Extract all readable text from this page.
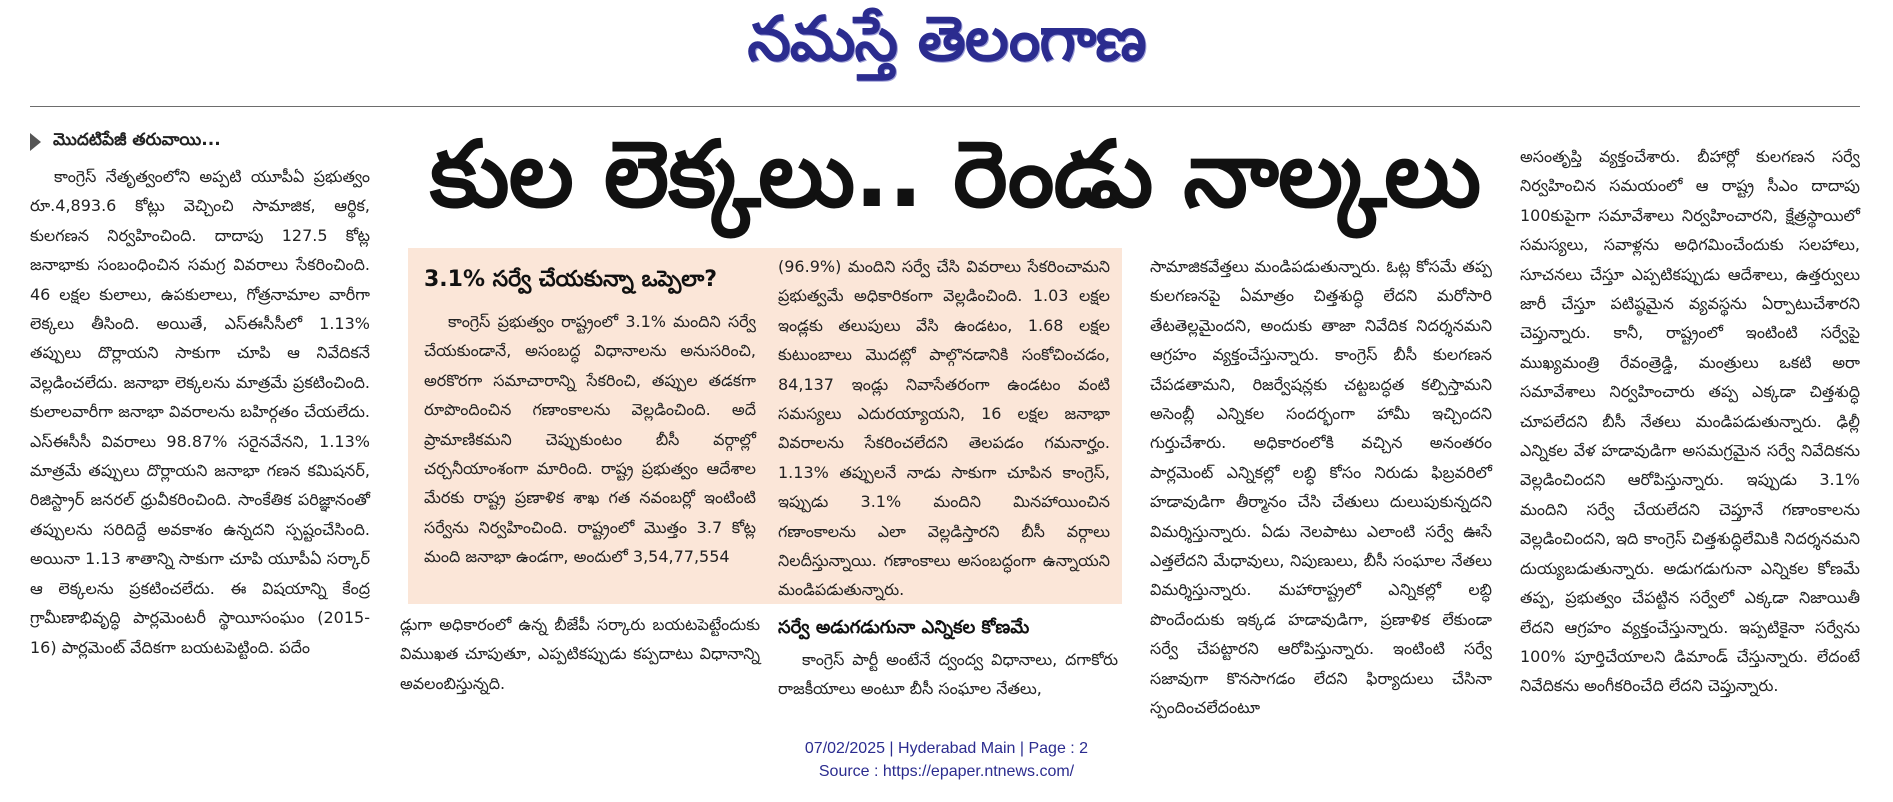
నమస్తే తెలంగాణ
మొదటిపేజీ తరువాయి...	కుల లెక్కలు.. రెండు నాల్కలు
3.1% సర్వే చేయకున్నా ఒప్పెలా?

కాంగ్రెస్ నేతృత్వంలోని అప్పటి యూపీఏ ప్రభుత్వం రూ.4,893.6 కోట్లు వెచ్చించి సామాజిక, ఆర్థిక, కులగణన నిర్వహించింది. దాదాపు 127.5 కోట్ల జనాభాకు సంబంధించిన సమగ్ర వివరాలు సేకరించింది. 46 లక్షల కులాలు, ఉపకులాలు, గోత్రనామాల వారీగా లెక్కలు తీసింది. అయితే, ఎస్ఈసీసీలో 1.13% తప్పులు దొర్లాయని సాకుగా చూపి ఆ నివేదికనే వెల్లడించలేదు. జనాభా లెక్కలను మాత్రమే ప్రకటించింది. కులాలవారీగా జనాభా వివరాలను బహిర్గతం చేయలేదు. ఎస్ఈసీసీ వివరాలు 98.87% సరైనవేనని, 1.13% మాత్రమే తప్పులు దొర్లాయని జనాభా గణన కమిషనర్, రిజిస్ట్రార్ జనరల్ ధ్రువీకరించింది. సాంకేతిక పరిజ్ఞానంతో తప్పులను సరిదిద్దే అవకాశం ఉన్నదని స్పష్టంచేసింది. అయినా 1.13 శాతాన్ని సాకుగా చూపి యూపీఏ సర్కార్ ఆ లెక్కలను ప్రకటించలేదు. ఈ విషయాన్ని కేంద్ర గ్రామీణాభివృద్ధి పార్లమెంటరీ స్థాయీసంఘం (2015-16) పార్లమెంట్ వేదికగా బయటపెట్టింది. పదేం

కాంగ్రెస్ ప్రభుత్వం రాష్ట్రంలో 3.1% మందిని సర్వే చేయకుండానే, అసంబద్ధ విధానాలను అనుసరించి, అరకొరగా సమాచారాన్ని సేకరించి, తప్పుల తడకగా రూపొందించిన గణాంకాలను వెల్లడించింది. అదే ప్రామాణికమని చెప్పుకుంటం బీసీ వర్గాల్లో చర్చనీయాంశంగా మారింది. రాష్ట్ర ప్రభుత్వం ఆదేశాల మేరకు రాష్ట్ర ప్రణాళిక శాఖ గత నవంబర్లో ఇంటింటి సర్వేను నిర్వహించింది. రాష్ట్రంలో మొత్తం 3.7 కోట్ల మంది జనాభా ఉండగా, అందులో 3,54,77,554

డ్లుగా అధికారంలో ఉన్న బీజేపీ సర్కారు బయటపెట్టేందుకు విముఖత చూపుతూ, ఎప్పటికప్పుడు కప్పదాటు విధానాన్ని అవలంబిస్తున్నది.

(96.9%) మందిని సర్వే చేసి వివరాలు సేకరించామని ప్రభుత్వమే అధికారికంగా వెల్లడించింది. 1.03 లక్షల ఇండ్లకు తలుపులు వేసి ఉండటం, 1.68 లక్షల కుటుంబాలు మొదట్లో పాల్గొనడానికి సంకోచించడం, 84,137 ఇండ్లు నివాసేతరంగా ఉండటం వంటి సమస్యలు ఎదురయ్యాయని, 16 లక్షల జనాభా వివరాలను సేకరించలేదని తెలపడం గమనార్హం. 1.13% తప్పులనే నాడు సాకుగా చూపిన కాంగ్రెస్, ఇప్పుడు 3.1% మందిని మినహాయించిన గణాంకాలను ఎలా వెల్లడిస్తారని బీసీ వర్గాలు నిలదీస్తున్నాయి. గణాంకాలు అసంబద్ధంగా ఉన్నాయని మండిపడుతున్నారు.

సర్వే అడుగడుగునా ఎన్నికల కోణమే

కాంగ్రెస్ పార్టీ అంటేనే ద్వంద్వ విధానాలు, దగాకోరు రాజకీయాలు అంటూ బీసీ సంఘాల నేతలు,

సామాజికవేత్తలు మండిపడుతున్నారు. ఓట్ల కోసమే తప్ప కులగణనపై ఏమాత్రం చిత్తశుద్ధి లేదని మరోసారి తేటతెల్లమైందని, అందుకు తాజా నివేదిక నిదర్శనమని ఆగ్రహం వ్యక్తంచేస్తున్నారు. కాంగ్రెస్ బీసీ కులగణన చేపడతామని, రిజర్వేషన్లకు చట్టబద్ధత కల్పిస్తామని అసెంబ్లీ ఎన్నికల సందర్భంగా హామీ ఇచ్చిందని గుర్తుచేశారు. అధికారంలోకి వచ్చిన అనంతరం పార్లమెంట్ ఎన్నికల్లో లబ్ధి కోసం నిరుడు ఫిబ్రవరిలో హడావుడిగా తీర్మానం చేసి చేతులు దులుపుకున్నదని విమర్శిస్తున్నారు. ఏడు నెలపాటు ఎలాంటి సర్వే ఊసే ఎత్తలేదని మేధావులు, నిపుణులు, బీసీ సంఘాల నేతలు విమర్శిస్తున్నారు. మహారాష్ట్రలో ఎన్నికల్లో లబ్ధి పొందేందుకు ఇక్కడ హడావుడిగా, ప్రణాళిక లేకుండా సర్వే చేపట్టారని ఆరోపిస్తున్నారు. ఇంటింటి సర్వే సజావుగా కొనసాగడం లేదని ఫిర్యాదులు చేసినా స్పందించలేదంటూ

అసంతృప్తి వ్యక్తంచేశారు. బీహార్లో కులగణన సర్వే నిర్వహించిన సమయంలో ఆ రాష్ట్ర సీఎం దాదాపు 100కుపైగా సమావేశాలు నిర్వహించారని, క్షేత్రస్థాయిలో సమస్యలు, సవాళ్లను అధిగమించేందుకు సలహాలు, సూచనలు చేస్తూ ఎప్పటికప్పుడు ఆదేశాలు, ఉత్తర్వులు జారీ చేస్తూ పటిష్ఠమైన వ్యవస్థను ఏర్పాటుచేశారని చెప్తున్నారు. కానీ, రాష్ట్రంలో ఇంటింటి సర్వేపై ముఖ్యమంత్రి రేవంత్రెడ్డి, మంత్రులు ఒకటి అరా సమావేశాలు నిర్వహించారు తప్ప ఎక్కడా చిత్తశుద్ధి చూపలేదని బీసీ నేతలు మండిపడుతున్నారు. ఢిల్లీ ఎన్నికల వేళ హడావుడిగా అసమగ్రమైన సర్వే నివేదికను వెల్లడించిందని ఆరోపిస్తున్నారు. ఇప్పుడు 3.1% మందిని సర్వే చేయలేదని చెప్తూనే గణాంకాలను వెల్లడించిందని, ఇది కాంగ్రెస్ చిత్తశుద్ధిలేమికి నిదర్శనమని దుయ్యబడుతున్నారు. అడుగడుగునా ఎన్నికల కోణమే తప్ప, ప్రభుత్వం చేపట్టిన సర్వేలో ఎక్కడా నిజాయితీ లేదని ఆగ్రహం వ్యక్తంచేస్తున్నారు. ఇప్పటికైనా సర్వేను 100% పూర్తిచేయాలని డిమాండ్ చేస్తున్నారు. లేదంటే నివేదికను అంగీకరించేది లేదని చెప్తున్నారు.

07/02/2025 | Hyderabad Main | Page : 2
Source : https://epaper.ntnews.com/
